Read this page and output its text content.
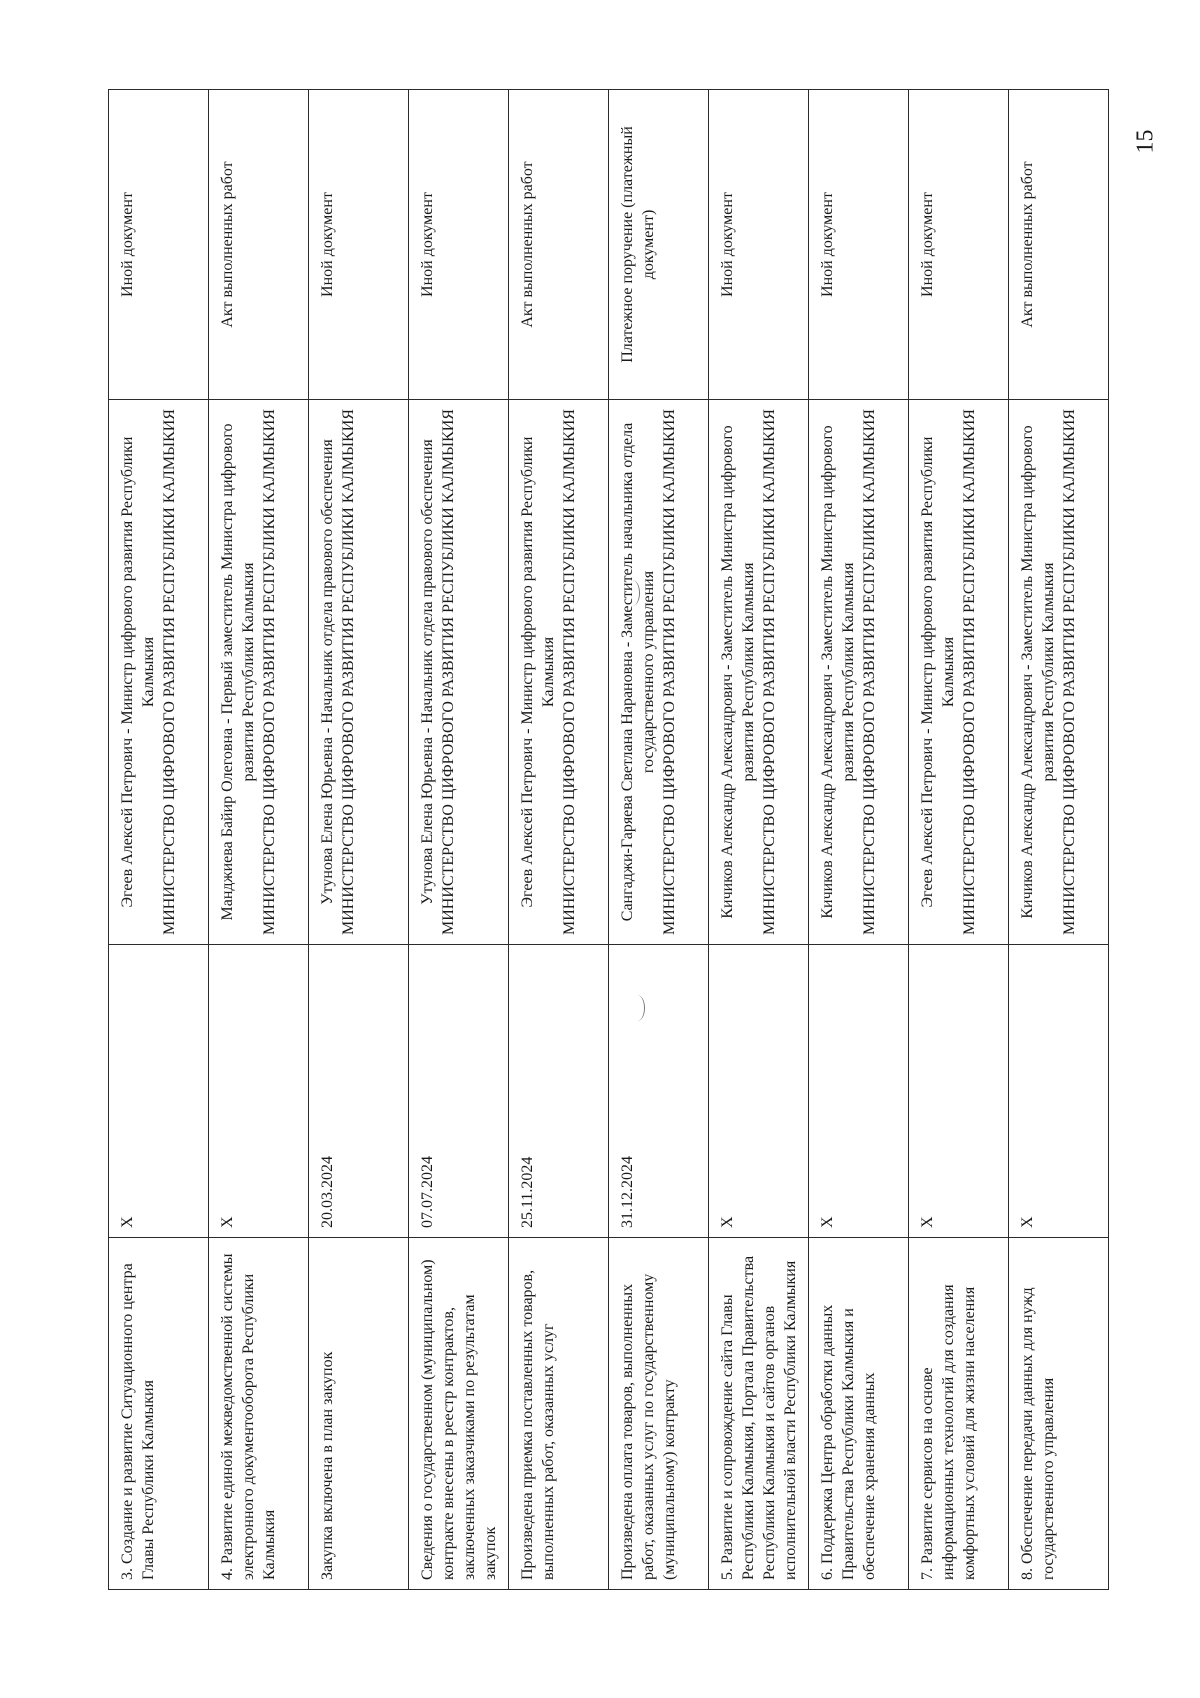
3. Создание и развитие Ситуационного центра Главы Республики Калмыкия	X	Эгеев Алексей Петрович - Министр цифрового развития Республики Калмыкия МИНИСТЕРСТВО ЦИФРОВОГО РАЗВИТИЯ РЕСПУБЛИКИ КАЛМЫКИЯ	Иной документ
4. Развитие единой межведомственной системы электронного документооборота Республики Калмыкия	X	Манджиева Байир Олеговна - Первый заместитель Министра цифрового развития Республики Калмыкия МИНИСТЕРСТВО ЦИФРОВОГО РАЗВИТИЯ РЕСПУБЛИКИ КАЛМЫКИЯ	Акт выполненных работ
Закупка включена в план закупок	20.03.2024	Утунова Елена Юрьевна - Начальник отдела правового обеспечения МИНИСТЕРСТВО ЦИФРОВОГО РАЗВИТИЯ РЕСПУБЛИКИ КАЛМЫКИЯ	Иной документ
Сведения о государственном (муниципальном) контракте внесены в реестр контрактов, заключенных заказчиками по результатам закупок	07.07.2024	Утунова Елена Юрьевна - Начальник отдела правового обеспечения МИНИСТЕРСТВО ЦИФРОВОГО РАЗВИТИЯ РЕСПУБЛИКИ КАЛМЫКИЯ	Иной документ
Произведена приемка поставленных товаров, выполненных работ, оказанных услуг	25.11.2024	Эгеев Алексей Петрович - Министр цифрового развития Республики Калмыкия МИНИСТЕРСТВО ЦИФРОВОГО РАЗВИТИЯ РЕСПУБЛИКИ КАЛМЫКИЯ	Акт выполненных работ
Произведена оплата товаров, выполненных работ, оказанных услуг по государственному (муниципальному) контракту	31.12.2024	Сангаджи-Гаряева Светлана Нарановна - Заместитель начальника отдела государственного управления МИНИСТЕРСТВО ЦИФРОВОГО РАЗВИТИЯ РЕСПУБЛИКИ КАЛМЫКИЯ	Платежное поручение (платежный документ)
5. Развитие и сопровождение сайта Главы Республики Калмыкия, Портала Правительства Республики Калмыкия и сайтов органов исполнительной власти Республики Калмыкия	X	Кичиков Александр Александрович - Заместитель Министра цифрового развития Республики Калмыкия МИНИСТЕРСТВО ЦИФРОВОГО РАЗВИТИЯ РЕСПУБЛИКИ КАЛМЫКИЯ	Иной документ
6. Поддержка Центра обработки данных Правительства Республики Калмыкия и обеспечение хранения данных	X	Кичиков Александр Александрович - Заместитель Министра цифрового развития Республики Калмыкия МИНИСТЕРСТВО ЦИФРОВОГО РАЗВИТИЯ РЕСПУБЛИКИ КАЛМЫКИЯ	Иной документ
7. Развитие сервисов на основе информационных технологий для создания комфортных условий для жизни населения	X	Эгеев Алексей Петрович - Министр цифрового развития Республики Калмыкия МИНИСТЕРСТВО ЦИФРОВОГО РАЗВИТИЯ РЕСПУБЛИКИ КАЛМЫКИЯ	Иной документ
8. Обеспечение передачи данных для нужд государственного управления	X	Кичиков Александр Александрович - Заместитель Министра цифрового развития Республики Калмыкия МИНИСТЕРСТВО ЦИФРОВОГО РАЗВИТИЯ РЕСПУБЛИКИ КАЛМЫКИЯ	Акт выполненных работ
15
